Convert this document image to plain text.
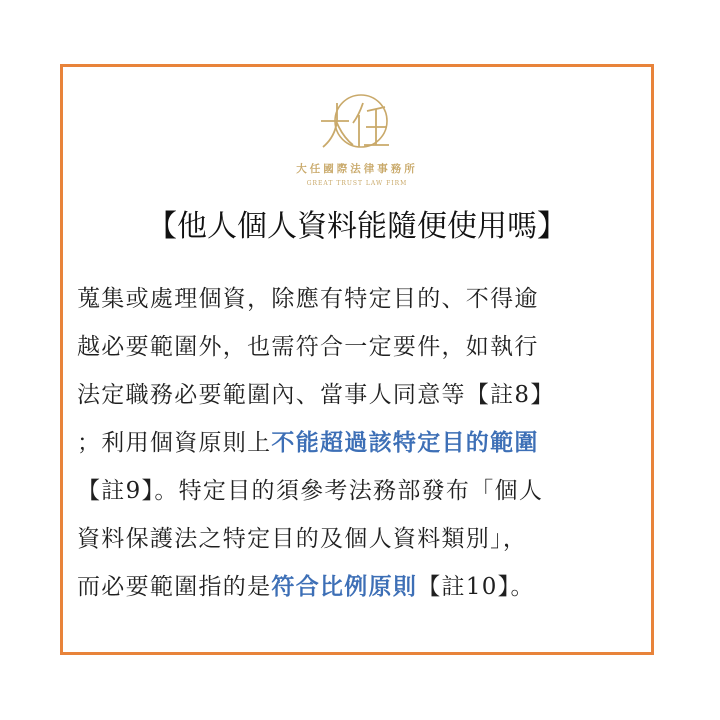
大任國際法律事務所
GREAT TRUST LAW FIRM
【他人個人資料能隨便使用嗎】
蒐集或處理個資，除應有特定目的、不得逾
越必要範圍外，也需符合一定要件，如執行
法定職務必要範圍內、當事人同意等【註8】
；利用個資原則上不能超過該特定目的範圍
【註9】。特定目的須參考法務部發布「個人
資料保護法之特定目的及個人資料類別」，
而必要範圍指的是符合比例原則【註10】。
